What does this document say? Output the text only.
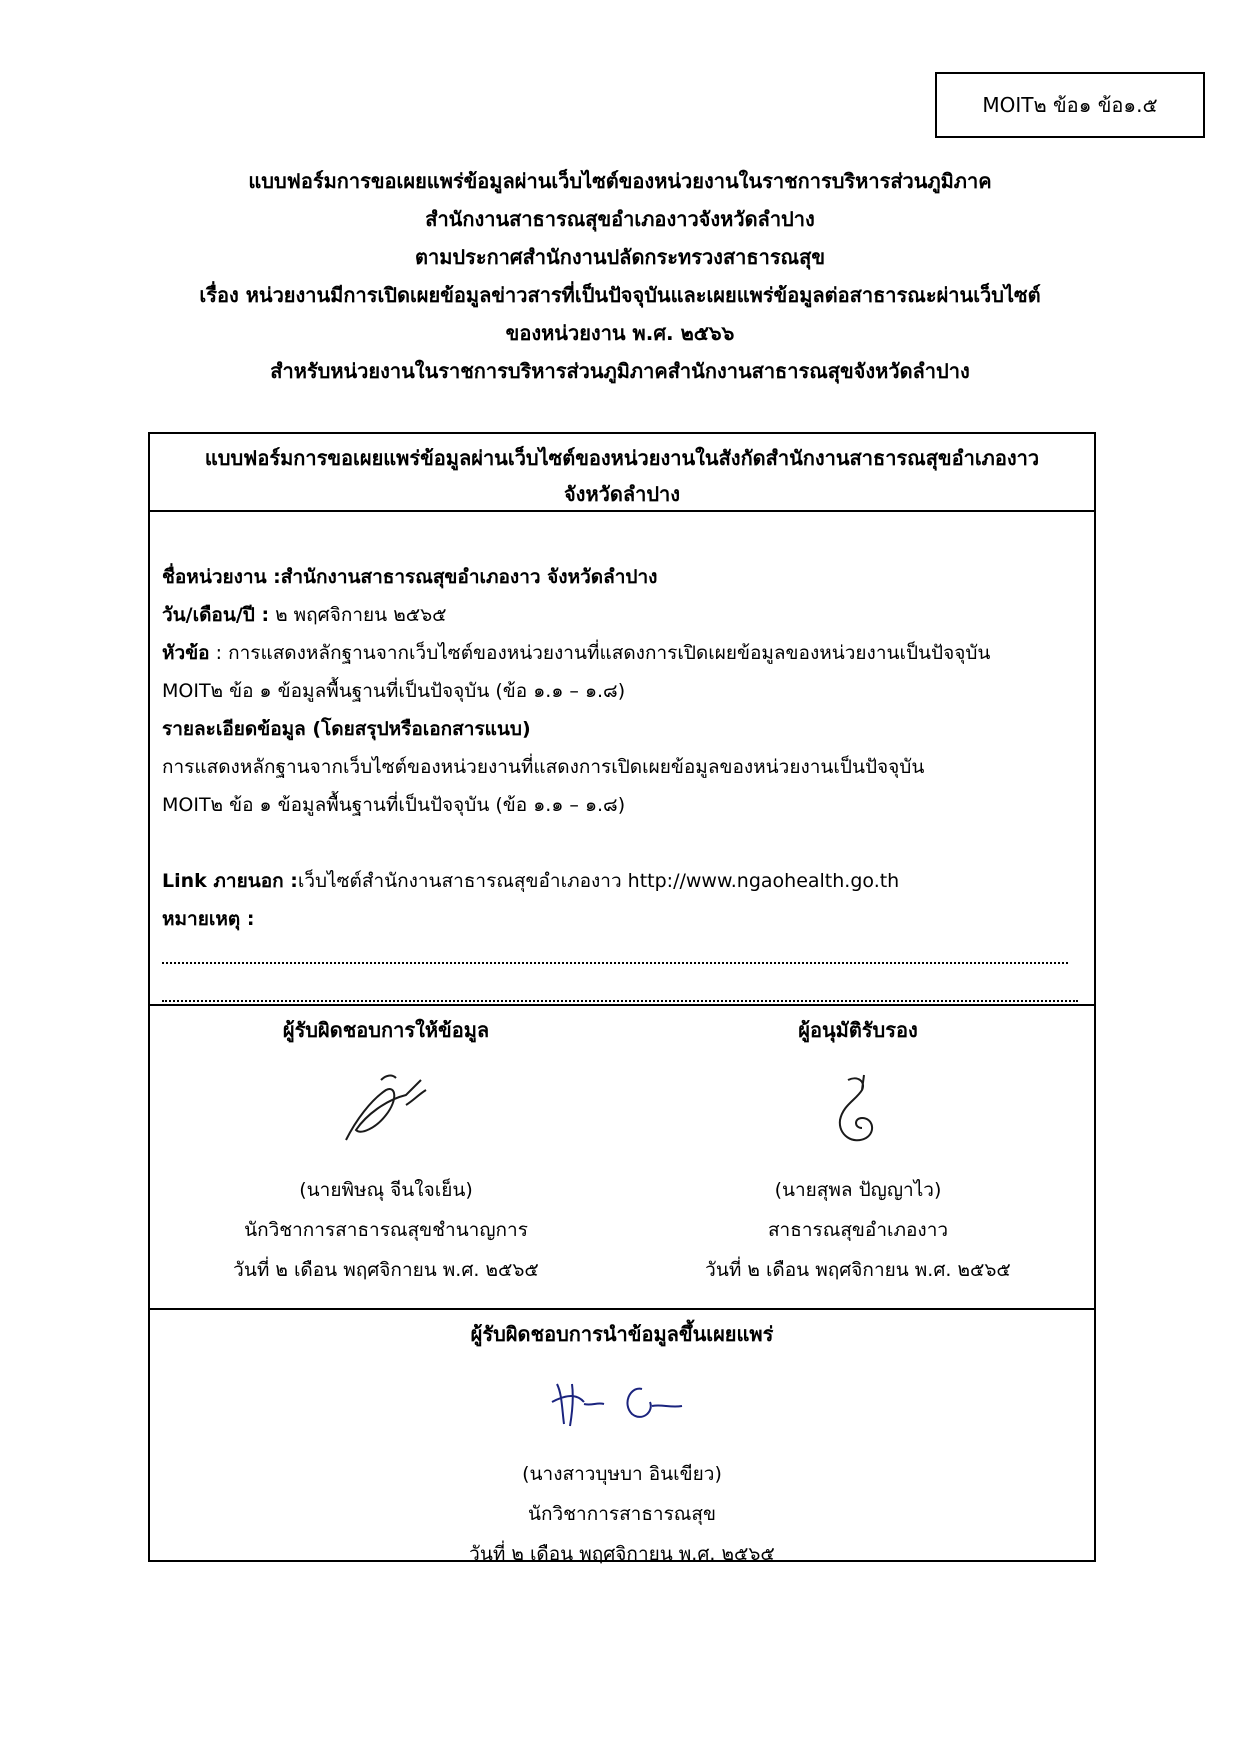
MOIT๒ ข้อ๑ ข้อ๑.๕
แบบฟอร์มการขอเผยแพร่ข้อมูลผ่านเว็บไซต์ของหน่วยงานในราชการบริหารส่วนภูมิภาค
สำนักงานสาธารณสุขอำเภองาวจังหวัดลำปาง
ตามประกาศสำนักงานปลัดกระทรวงสาธารณสุข
เรื่อง หน่วยงานมีการเปิดเผยข้อมูลข่าวสารที่เป็นปัจจุบันและเผยแพร่ข้อมูลต่อสาธารณะผ่านเว็บไซต์
ของหน่วยงาน พ.ศ. ๒๕๖๖
สำหรับหน่วยงานในราชการบริหารส่วนภูมิภาคสำนักงานสาธารณสุขจังหวัดลำปาง
แบบฟอร์มการขอเผยแพร่ข้อมูลผ่านเว็บไซต์ของหน่วยงานในสังกัดสำนักงานสาธารณสุขอำเภองาว
จังหวัดลำปาง
ชื่อหน่วยงาน :สำนักงานสาธารณสุขอำเภองาว จังหวัดลำปาง
วัน/เดือน/ปี : ๒ พฤศจิกายน ๒๕๖๕
หัวข้อ : การแสดงหลักฐานจากเว็บไซต์ของหน่วยงานที่แสดงการเปิดเผยข้อมูลของหน่วยงานเป็นปัจจุบัน
MOIT๒ ข้อ ๑ ข้อมูลพื้นฐานที่เป็นปัจจุบัน (ข้อ ๑.๑ – ๑.๘)
รายละเอียดข้อมูล (โดยสรุปหรือเอกสารแนบ)
การแสดงหลักฐานจากเว็บไซต์ของหน่วยงานที่แสดงการเปิดเผยข้อมูลของหน่วยงานเป็นปัจจุบัน
MOIT๒ ข้อ ๑ ข้อมูลพื้นฐานที่เป็นปัจจุบัน (ข้อ ๑.๑ – ๑.๘)
Link ภายนอก :เว็บไซต์สำนักงานสาธารณสุขอำเภองาว http://www.ngaohealth.go.th
หมายเหตุ :
ผู้รับผิดชอบการให้ข้อมูล
(นายพิษณุ จีนใจเย็น)
นักวิชาการสาธารณสุขชำนาญการ
วันที่ ๒ เดือน พฤศจิกายน พ.ศ. ๒๕๖๕
ผู้อนุมัติรับรอง
(นายสุพล ปัญญาไว)
สาธารณสุขอำเภองาว
วันที่ ๒ เดือน พฤศจิกายน พ.ศ. ๒๕๖๕
ผู้รับผิดชอบการนำข้อมูลขึ้นเผยแพร่
(นางสาวบุษบา อินเขียว)
นักวิชาการสาธารณสุข
วันที่ ๒ เดือน พฤศจิกายน พ.ศ. ๒๕๖๕
